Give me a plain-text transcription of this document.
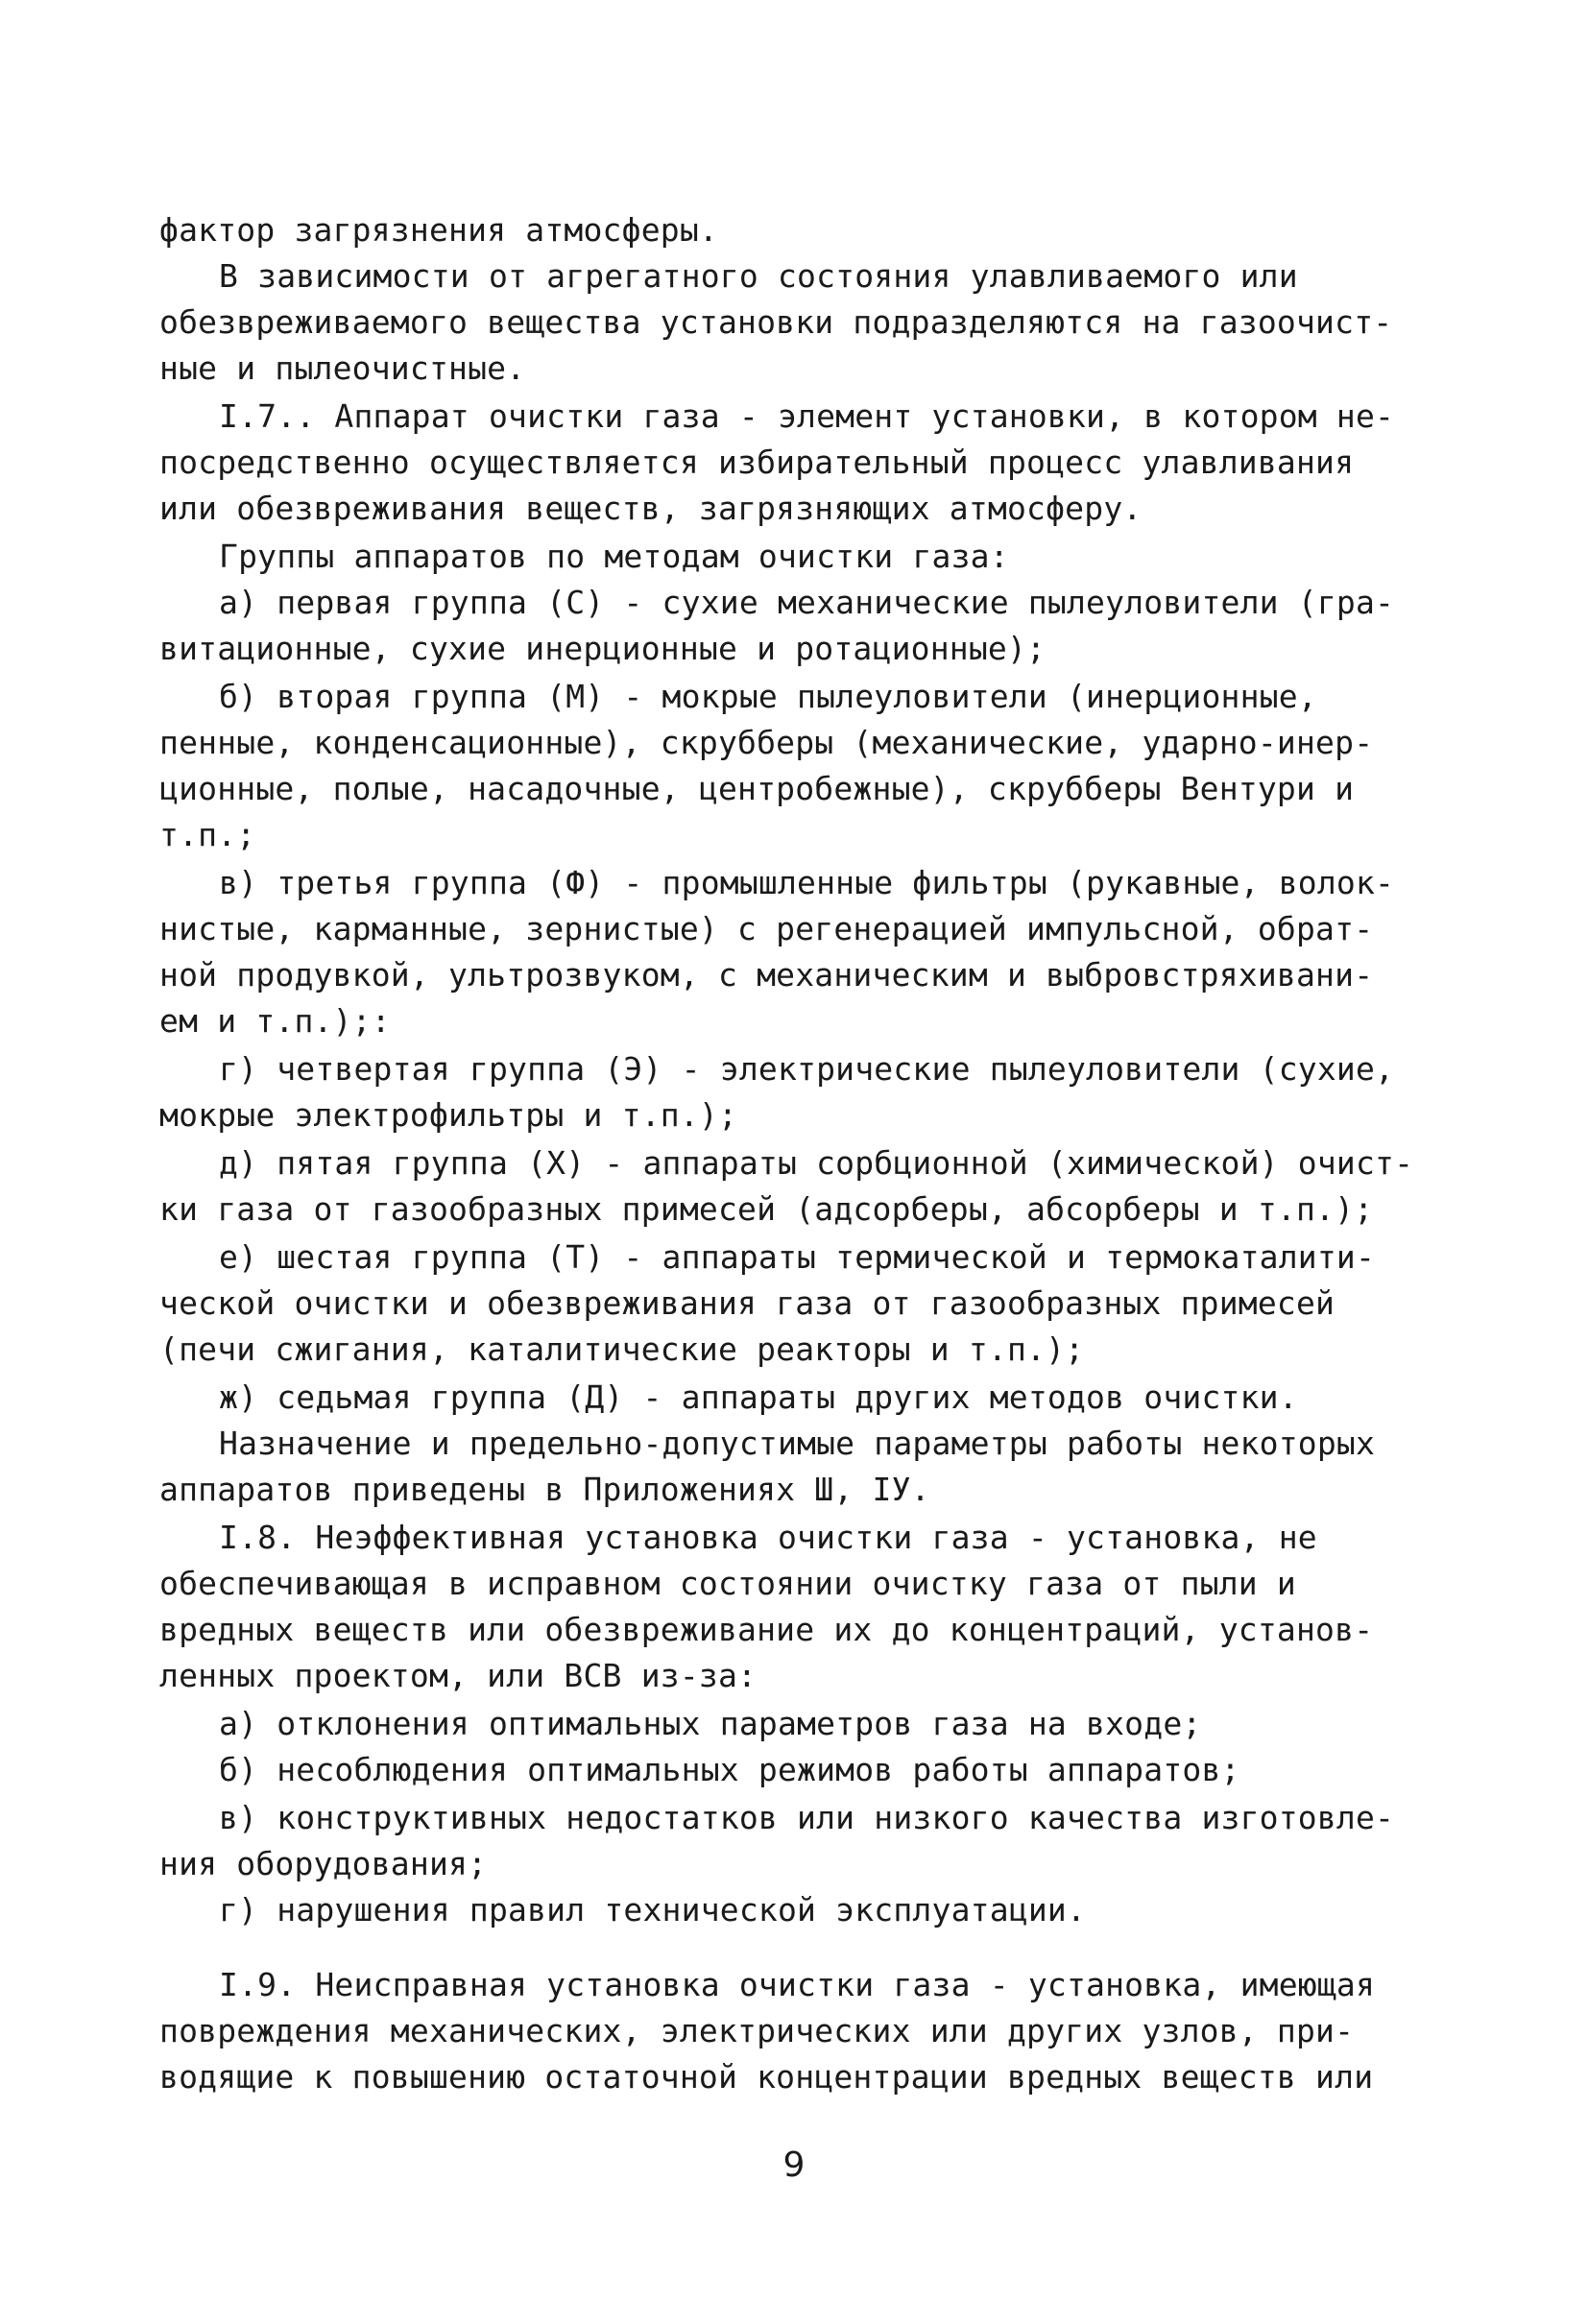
фактор загрязнения атмосферы.
В зависимости от агрегатного состояния улавливаемого или
обезвреживаемого вещества установки подразделяются на газоочист-
ные и пылеочистные.
I.7.. Аппарат очистки газа - элемент установки, в котором не-
посредственно осуществляется избирательный процесс улавливания
или обезвреживания веществ, загрязняющих атмосферу.
Группы аппаратов по методам очистки газа:
а) первая группа (С) - сухие механические пылеуловители (гра-
витационные, сухие инерционные и ротационные);
б) вторая группа (М) - мокрые пылеуловители (инерционные,
пенные, конденсационные), скрубберы (механические, ударно-инер-
ционные, полые, насадочные, центробежные), скрубберы Вентури и
т.п.;
в) третья группа (Ф) - промышленные фильтры (рукавные, волок-
нистые, карманные, зернистые) с регенерацией импульсной, обрат-
ной продувкой, ультрозвуком, с механическим и выбровстряхивани-
ем и т.п.);:
г) четвертая группа (Э) - электрические пылеуловители (сухие,
мокрые электрофильтры и т.п.);
д) пятая группа (Х) - аппараты сорбционной (химической) очист-
ки газа от газообразных примесей (адсорберы, абсорберы и т.п.);
е) шестая группа (Т) - аппараты термической и термокаталити-
ческой очистки и обезвреживания газа от газообразных примесей
(печи сжигания, каталитические реакторы и т.п.);
ж) седьмая группа (Д) - аппараты других методов очистки.
Назначение и предельно-допустимые параметры работы некоторых
аппаратов приведены в Приложениях Ш, IУ.
I.8. Неэффективная установка очистки газа - установка, не
обеспечивающая в исправном состоянии очистку газа от пыли и
вредных веществ или обезвреживание их до концентраций, установ-
ленных проектом, или ВСВ из-за:
а) отклонения оптимальных параметров газа на входе;
б) несоблюдения оптимальных режимов работы аппаратов;
в) конструктивных недостатков или низкого качества изготовле-
ния оборудования;
г) нарушения правил технической эксплуатации.
I.9. Неисправная установка очистки газа - установка, имеющая
повреждения механических, электрических или других узлов, при-
водящие к повышению остаточной концентрации вредных веществ или
9
